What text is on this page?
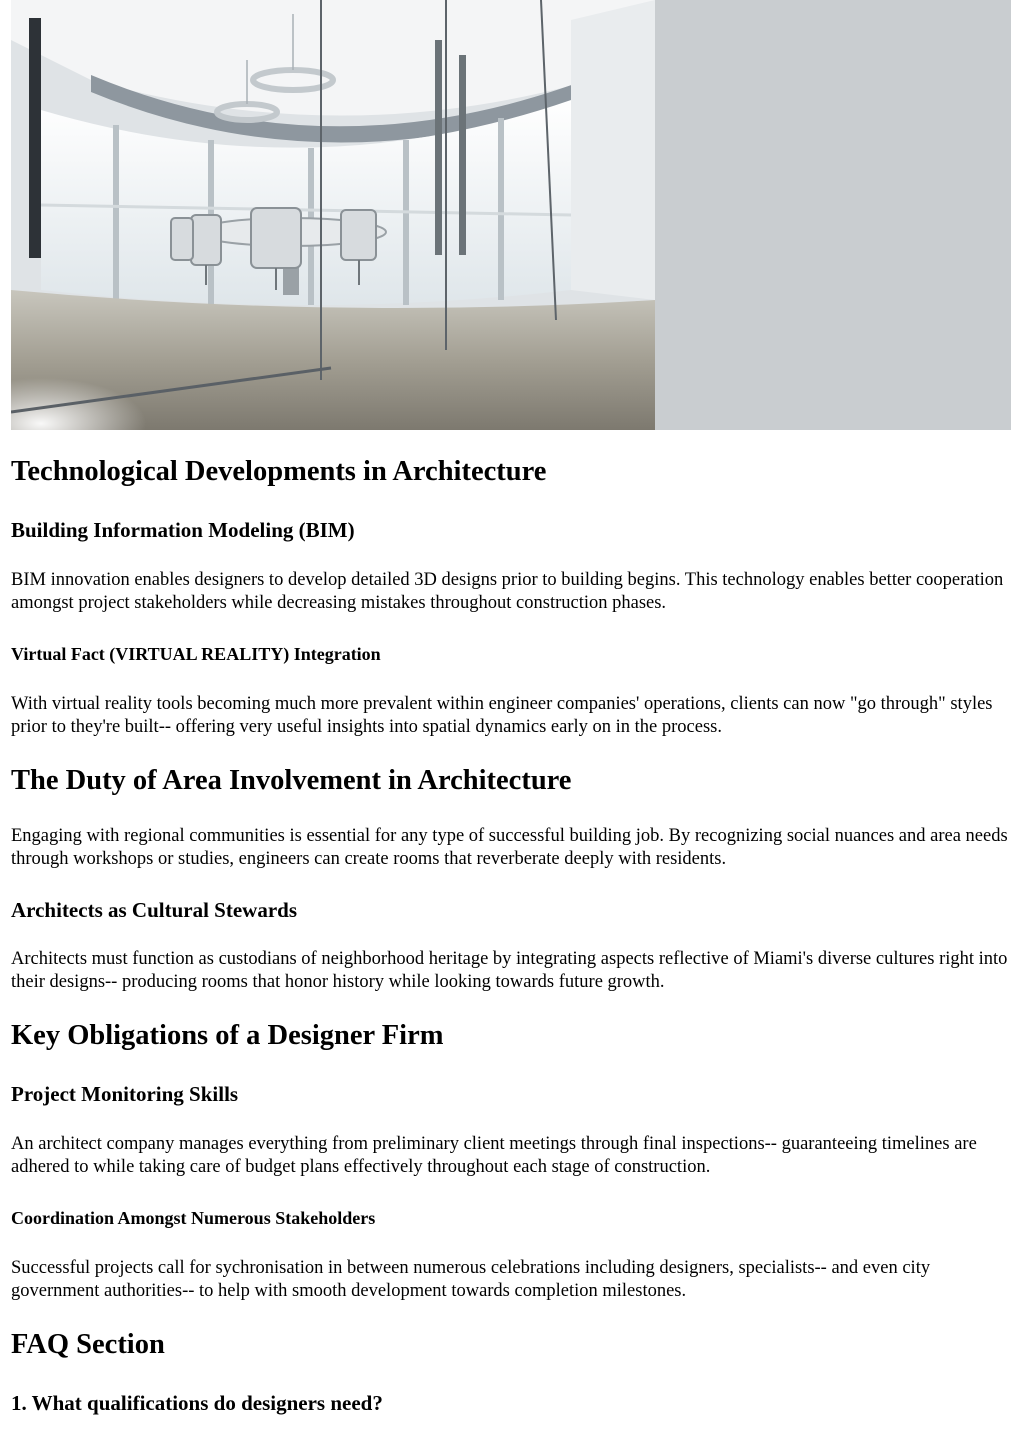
Technological Developments in Architecture
Building Information Modeling (BIM)

BIM innovation enables designers to develop detailed 3D designs prior to building begins. This technology enables better cooperation amongst project stakeholders while decreasing mistakes throughout construction phases.

Virtual Fact (VIRTUAL REALITY) Integration

With virtual reality tools becoming much more prevalent within engineer companies' operations, clients can now "go through" styles prior to they're built-- offering very useful insights into spatial dynamics early on in the process.

The Duty of Area Involvement in Architecture

Engaging with regional communities is essential for any type of successful building job. By recognizing social nuances and area needs through workshops or studies, engineers can create rooms that reverberate deeply with residents.

Architects as Cultural Stewards

Architects must function as custodians of neighborhood heritage by integrating aspects reflective of Miami's diverse cultures right into their designs-- producing rooms that honor history while looking towards future growth.

Key Obligations of a Designer Firm
Project Monitoring Skills

An architect company manages everything from preliminary client meetings through final inspections-- guaranteeing timelines are adhered to while taking care of budget plans effectively throughout each stage of construction.

Coordination Amongst Numerous Stakeholders

Successful projects call for sychronisation in between numerous celebrations including designers, specialists-- and even city government authorities-- to help with smooth development towards completion milestones.

FAQ Section
1. What qualifications do designers need?
